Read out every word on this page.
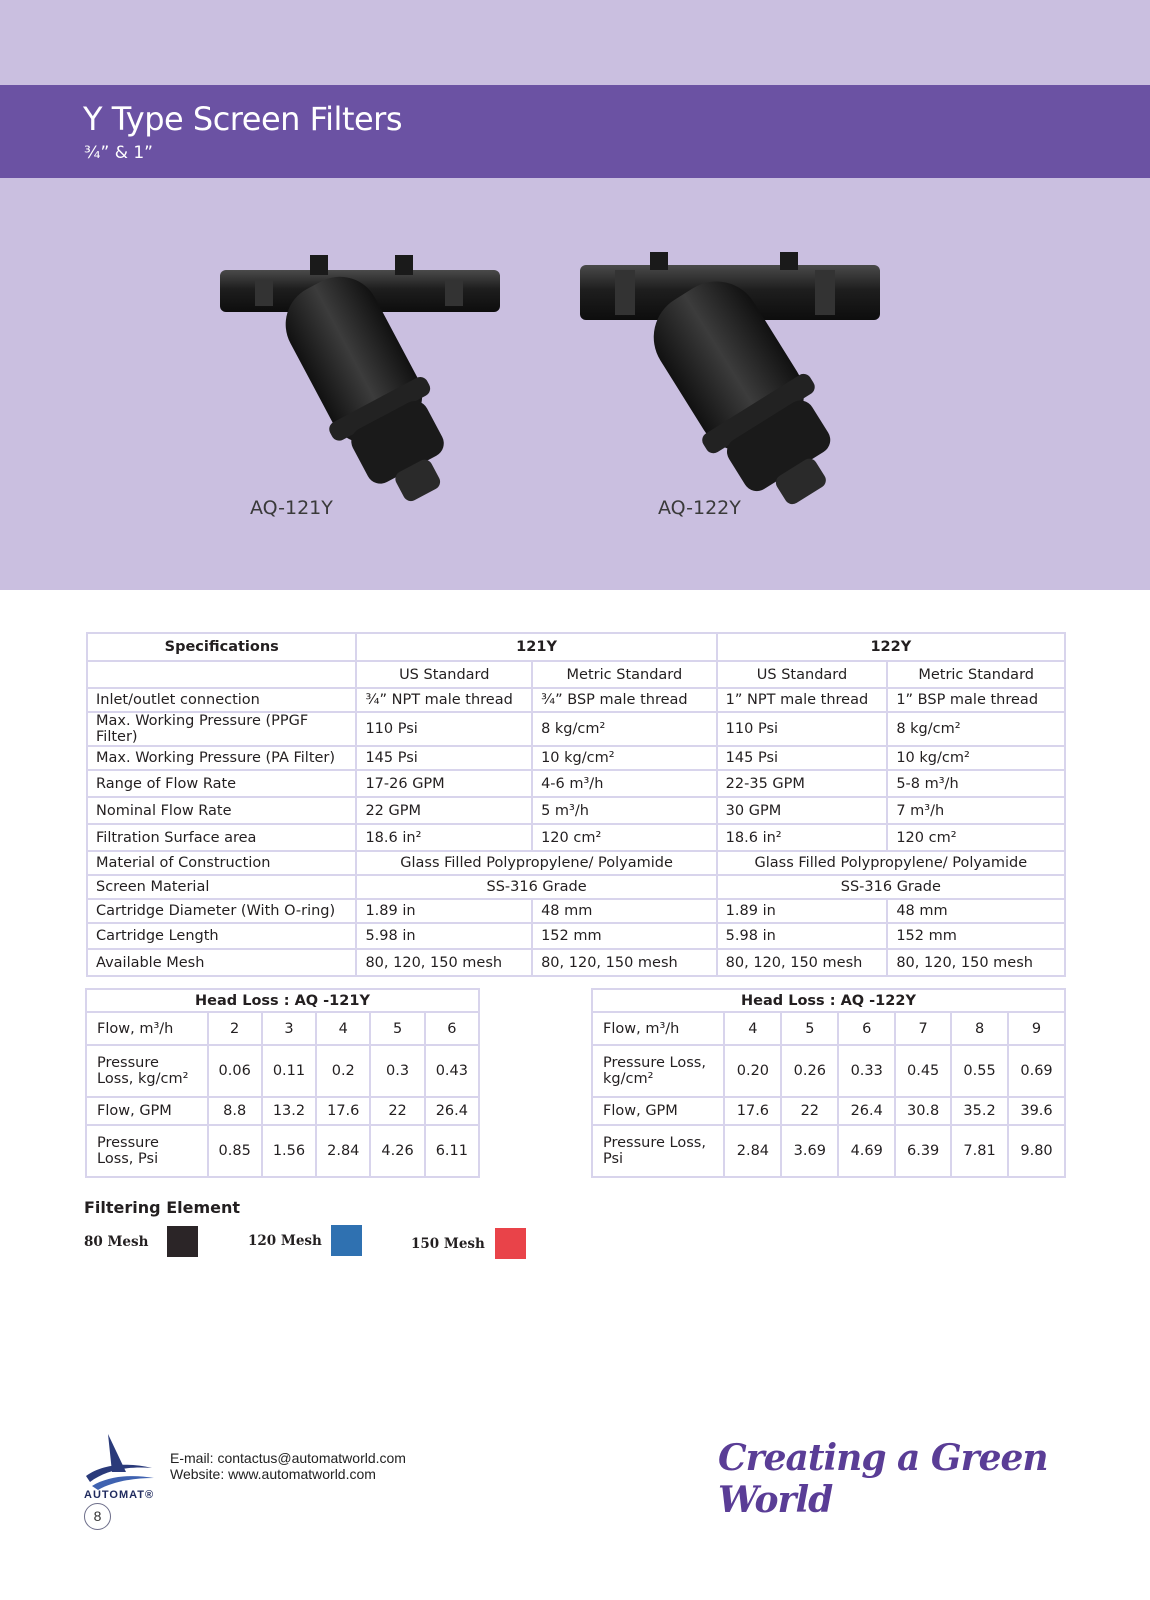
Y Type Screen Filters
¾” & 1”
AQ-121Y	AQ-122Y
Specifications	121Y		122Y	
	US Standard	Metric Standard	US Standard	Metric Standard
Inlet/outlet connection	¾” NPT male thread	¾” BSP male thread	1” NPT male thread	1” BSP male thread
Max. Working Pressure (PPGF Filter)	110 Psi	8 kg/cm²	110 Psi	8 kg/cm²
Max. Working Pressure (PA Filter)	145 Psi	10 kg/cm²	145 Psi	10 kg/cm²
Range of Flow Rate	17-26 GPM	4-6 m³/h	22-35 GPM	5-8 m³/h
Nominal Flow Rate	22 GPM	5 m³/h	30 GPM	7 m³/h
Filtration Surface area	18.6 in²	120 cm²	18.6 in²	120 cm²
Material of Construction	Glass Filled Polypropylene/ Polyamide		Glass Filled Polypropylene/ Polyamide	
Screen Material	SS-316 Grade		SS-316 Grade	
Cartridge Diameter (With O-ring)	1.89 in	48 mm	1.89 in	48 mm
Cartridge Length	5.98 in	152 mm	5.98 in	152 mm
Available Mesh	80, 120, 150 mesh	80, 120, 150 mesh	80, 120, 150 mesh	80, 120, 150 mesh
Head Loss : AQ -121Y					
Flow, m³/h	2	3	4	5	6
Pressure Loss, kg/cm²	0.06	0.11	0.2	0.3	0.43
Flow, GPM	8.8	13.2	17.6	22	26.4
Pressure Loss, Psi	0.85	1.56	2.84	4.26	6.11
Head Loss : AQ -122Y						
Flow, m³/h	4	5	6	7	8	9
Pressure Loss, kg/cm²	0.20	0.26	0.33	0.45	0.55	0.69
Flow, GPM	17.6	22	26.4	30.8	35.2	39.6
Pressure Loss, Psi	2.84	3.69	4.69	6.39	7.81	9.80
Filtering Element
80 Mesh	120 Mesh	150 Mesh
AUTOMAT®
8
E-mail: contactus@automatworld.com
Website: www.automatworld.com	Creating a Green World
